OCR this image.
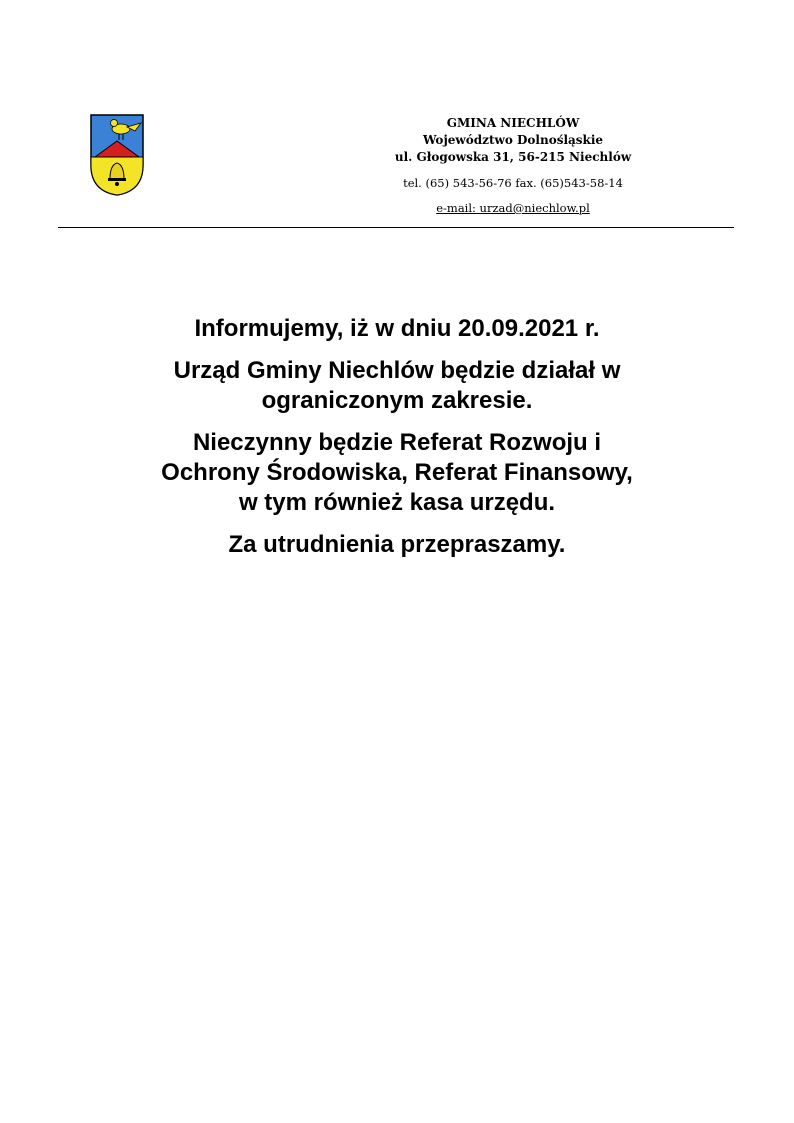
GMINA NIECHLÓW
Województwo Dolnośląskie
ul. Głogowska 31, 56-215 Niechlów
tel. (65) 543-56-76 fax. (65)543-58-14
e-mail: urzad@niechlow.pl

Informujemy, iż w dniu 20.09.2021 r.

Urząd Gminy Niechlów będzie działał w
ograniczonym zakresie.

Nieczynny będzie Referat Rozwoju i
Ochrony Środowiska, Referat Finansowy,
w tym również kasa urzędu.

Za utrudnienia przepraszamy.
